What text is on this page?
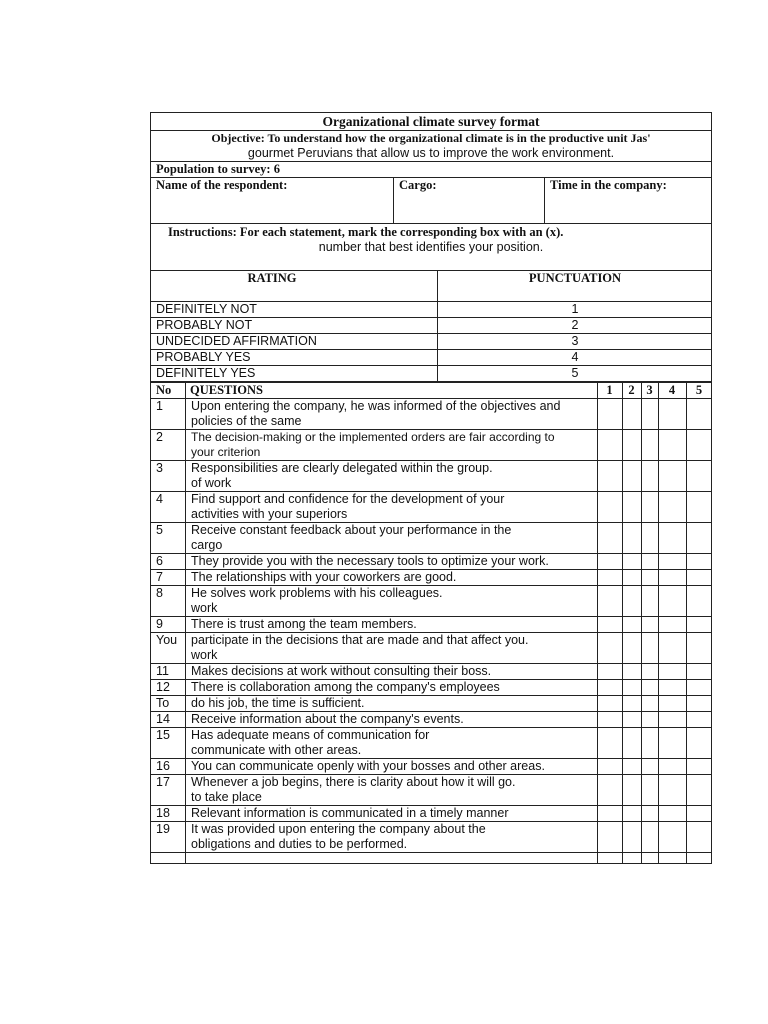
Organizational climate survey format
Objective: To understand how the organizational climate is in the productive unit Jas'
gourmet Peruvians that allow us to improve the work environment.
Population to survey: 6
Name of the respondent:	Cargo:	Time in the company:
Instructions: For each statement, mark the corresponding box with an (x).
number that best identifies your position.
RATING	PUNCTUATION
DEFINITELY NOT	1
PROBABLY NOT	2
UNDECIDED AFFIRMATION	3
PROBABLY YES	4
DEFINITELY YES	5
No QUESTIONS	1	2 3	4	5
1 Upon entering the company, he was informed of the objectives and
policies of the same
2 The decision-making or the implemented orders are fair according to
your criterion
3 Responsibilities are clearly delegated within the group.
of work
4 Find support and confidence for the development of your
activities with your superiors
5 Receive constant feedback about your performance in the
cargo
6 They provide you with the necessary tools to optimize your work.
7 The relationships with your coworkers are good.
8 He solves work problems with his colleagues.
work
9 There is trust among the team members.
You participate in the decisions that are made and that affect you.
work
11 Makes decisions at work without consulting their boss.
12 There is collaboration among the company's employees
To do his job, the time is sufficient.
14 Receive information about the company's events.
15 Has adequate means of communication for
communicate with other areas.
16 You can communicate openly with your bosses and other areas.
17 Whenever a job begins, there is clarity about how it will go.
to take place
18 Relevant information is communicated in a timely manner
19 It was provided upon entering the company about the
obligations and duties to be performed.
